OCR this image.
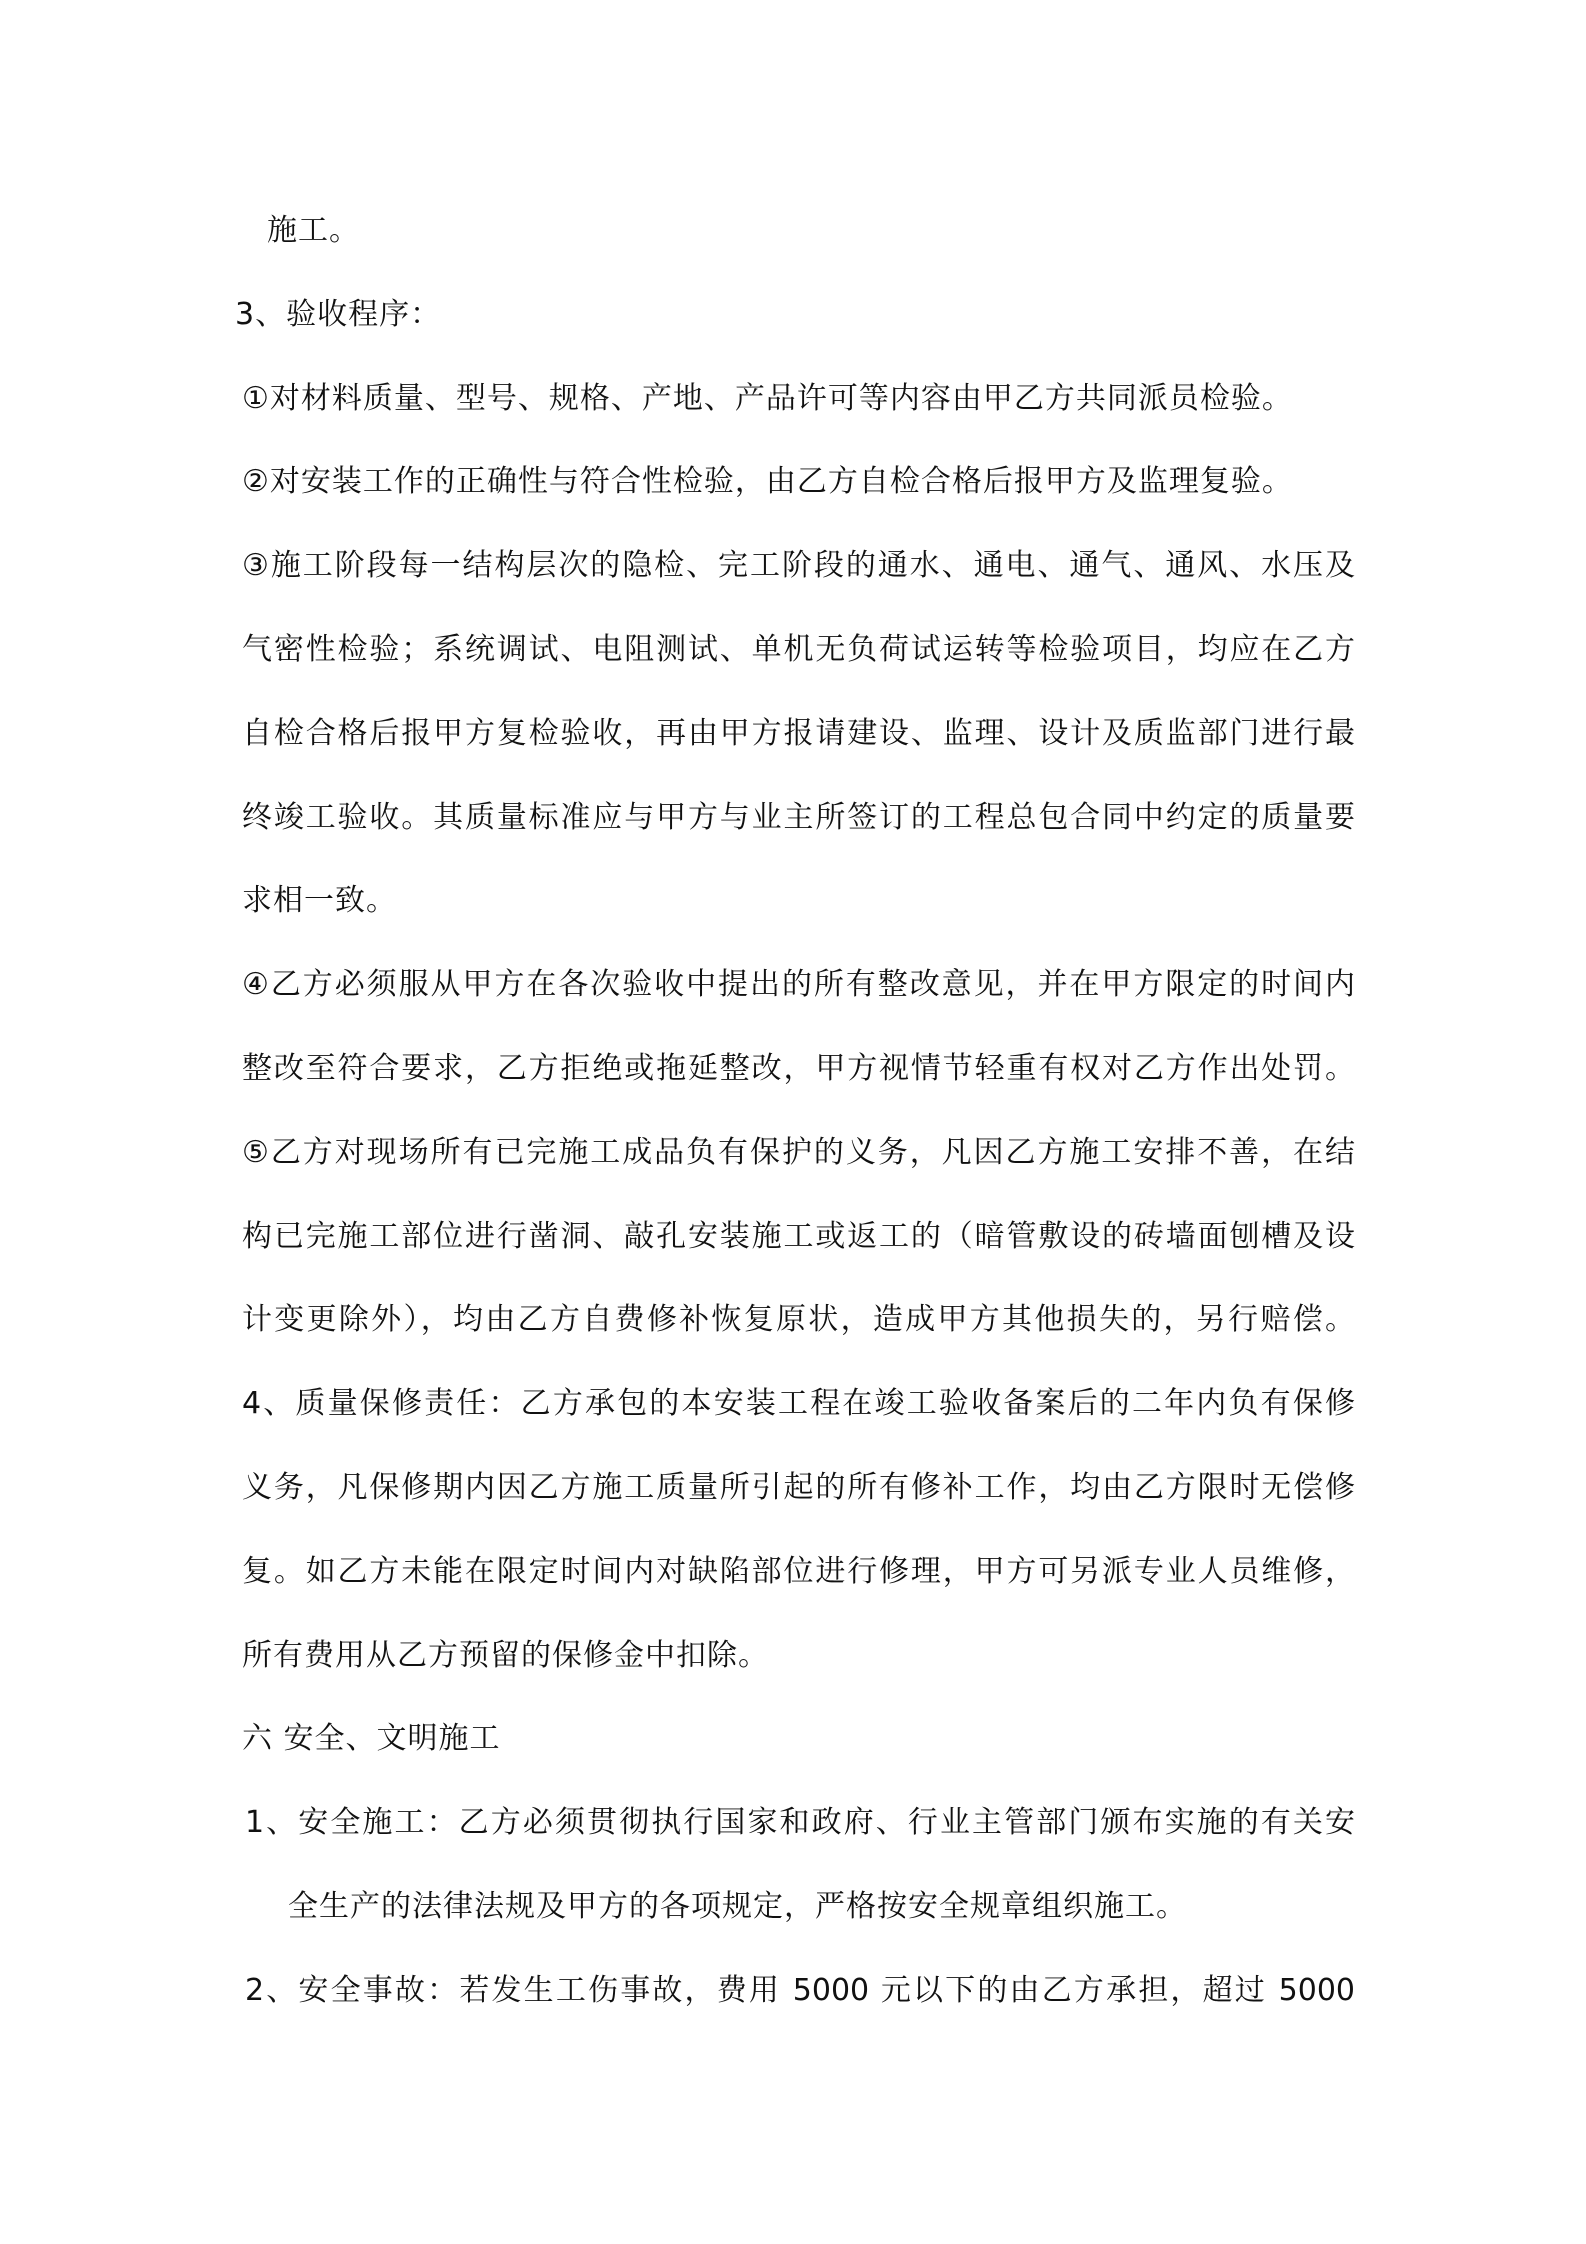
施工。
3、验收程序：
①对材料质量、型号、规格、产地、产品许可等内容由甲乙方共同派员检验。
②对安装工作的正确性与符合性检验，由乙方自检合格后报甲方及监理复验。
③施工阶段每一结构层次的隐检、完工阶段的通水、通电、通气、通风、水压及
气密性检验；系统调试、电阻测试、单机无负荷试运转等检验项目，均应在乙方
自检合格后报甲方复检验收，再由甲方报请建设、监理、设计及质监部门进行最
终竣工验收。其质量标准应与甲方与业主所签订的工程总包合同中约定的质量要
求相一致。
④乙方必须服从甲方在各次验收中提出的所有整改意见，并在甲方限定的时间内
整改至符合要求，乙方拒绝或拖延整改，甲方视情节轻重有权对乙方作出处罚。
⑤乙方对现场所有已完施工成品负有保护的义务，凡因乙方施工安排不善，在结
构已完施工部位进行凿洞、敲孔安装施工或返工的（暗管敷设的砖墙面刨槽及设
计变更除外），均由乙方自费修补恢复原状，造成甲方其他损失的，另行赔偿。
4、质量保修责任：乙方承包的本安装工程在竣工验收备案后的二年内负有保修
义务，凡保修期内因乙方施工质量所引起的所有修补工作，均由乙方限时无偿修
复。如乙方未能在限定时间内对缺陷部位进行修理，甲方可另派专业人员维修，
所有费用从乙方预留的保修金中扣除。
六 安全、文明施工
1、安全施工：乙方必须贯彻执行国家和政府、行业主管部门颁布实施的有关安
全生产的法律法规及甲方的各项规定，严格按安全规章组织施工。
2、安全事故：若发生工伤事故，费用 5000 元以下的由乙方承担，超过 5000
